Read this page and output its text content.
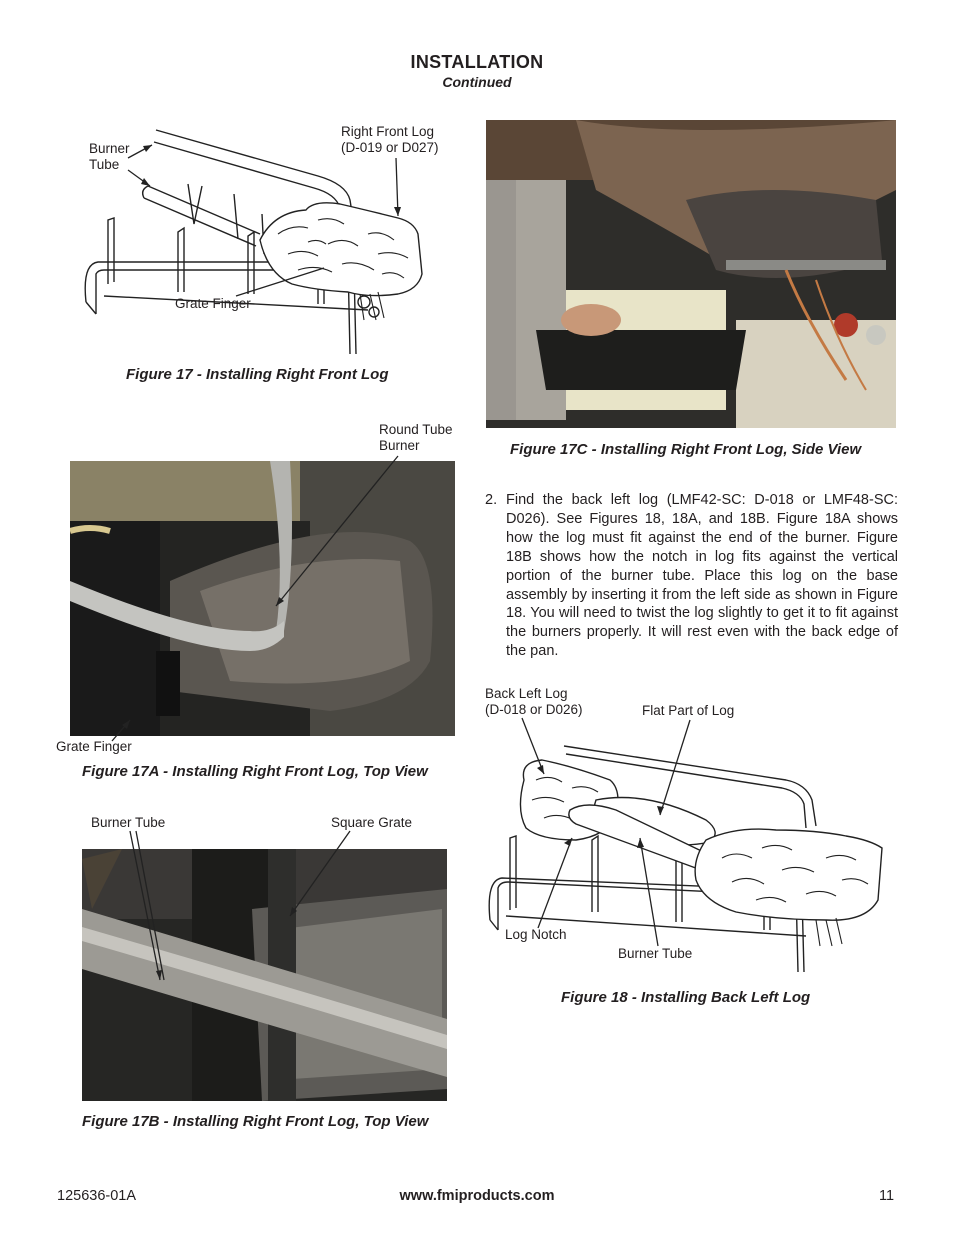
INSTALLATION
Continued
Burner
Tube
Right Front Log
(D-019 or D027)
Grate Finger
Figure 17 - Installing Right Front Log
Figure 17C - Installing Right Front Log, Side View
Round Tube
Burner
Grate Finger
Figure 17A - Installing Right Front Log, Top View
2. Find the back left log (LMF42-SC: D-018 or LMF48-SC: D026). See Figures 18, 18A, and 18B. Figure 18A shows how the log must fit against the end of the burner. Figure 18B shows how the notch in log fits against the vertical portion of the burner tube. Place this log on the base assembly by inserting it from the left side as shown in Figure 18. You will need to twist the log slightly to get it to fit against the burners properly. It will rest even with the back edge of the pan.
Back Left Log
(D-018 or D026)	Flat Part of Log
Log Notch
Burner Tube
Figure 18 - Installing Back Left Log
Burner Tube	Square Grate
Figure 17B - Installing Right Front Log, Top View
125636-01A	www.fmiproducts.com	11
